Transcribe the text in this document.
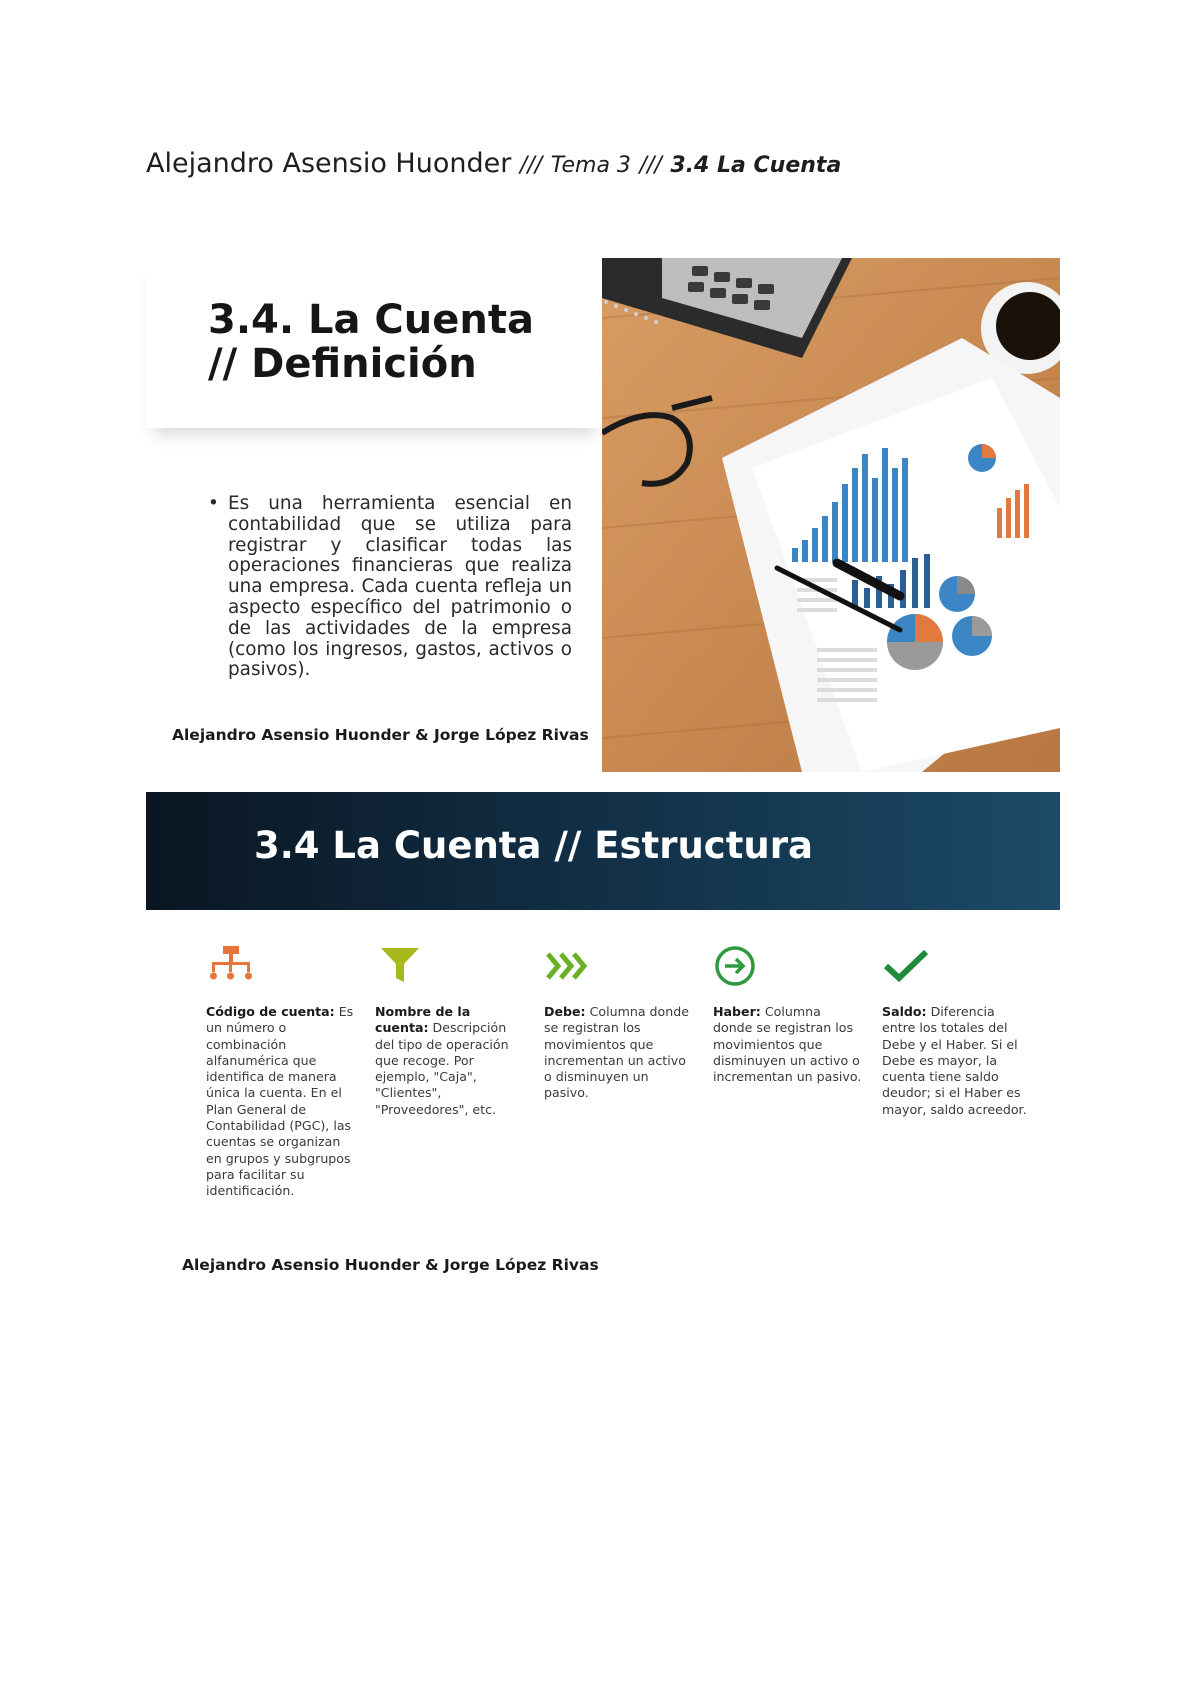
Alejandro Asensio Huonder /// Tema 3 /// 3.4 La Cuenta
3.4. La Cuenta
// Definición
• Es una herramienta esencial en contabilidad que se utiliza para registrar y clasificar todas las operaciones financieras que realiza una empresa. Cada cuenta refleja un aspecto específico del patrimonio o de las actividades de la empresa (como los ingresos, gastos, activos o pasivos).
Alejandro Asensio Huonder & Jorge López Rivas
3.4 La Cuenta // Estructura

Código de cuenta: Es un número o combinación alfanumérica que identifica de manera única la cuenta. En el Plan General de Contabilidad (PGC), las cuentas se organizan en grupos y subgrupos para facilitar su identificación.

Nombre de la cuenta: Descripción del tipo de operación que recoge. Por ejemplo, "Caja", "Clientes", "Proveedores", etc.

Debe: Columna donde se registran los movimientos que incrementan un activo o disminuyen un pasivo.

Haber: Columna donde se registran los movimientos que disminuyen un activo o incrementan un pasivo.

Saldo: Diferencia entre los totales del Debe y el Haber. Si el Debe es mayor, la cuenta tiene saldo deudor; si el Haber es mayor, saldo acreedor.

Alejandro Asensio Huonder & Jorge López Rivas
